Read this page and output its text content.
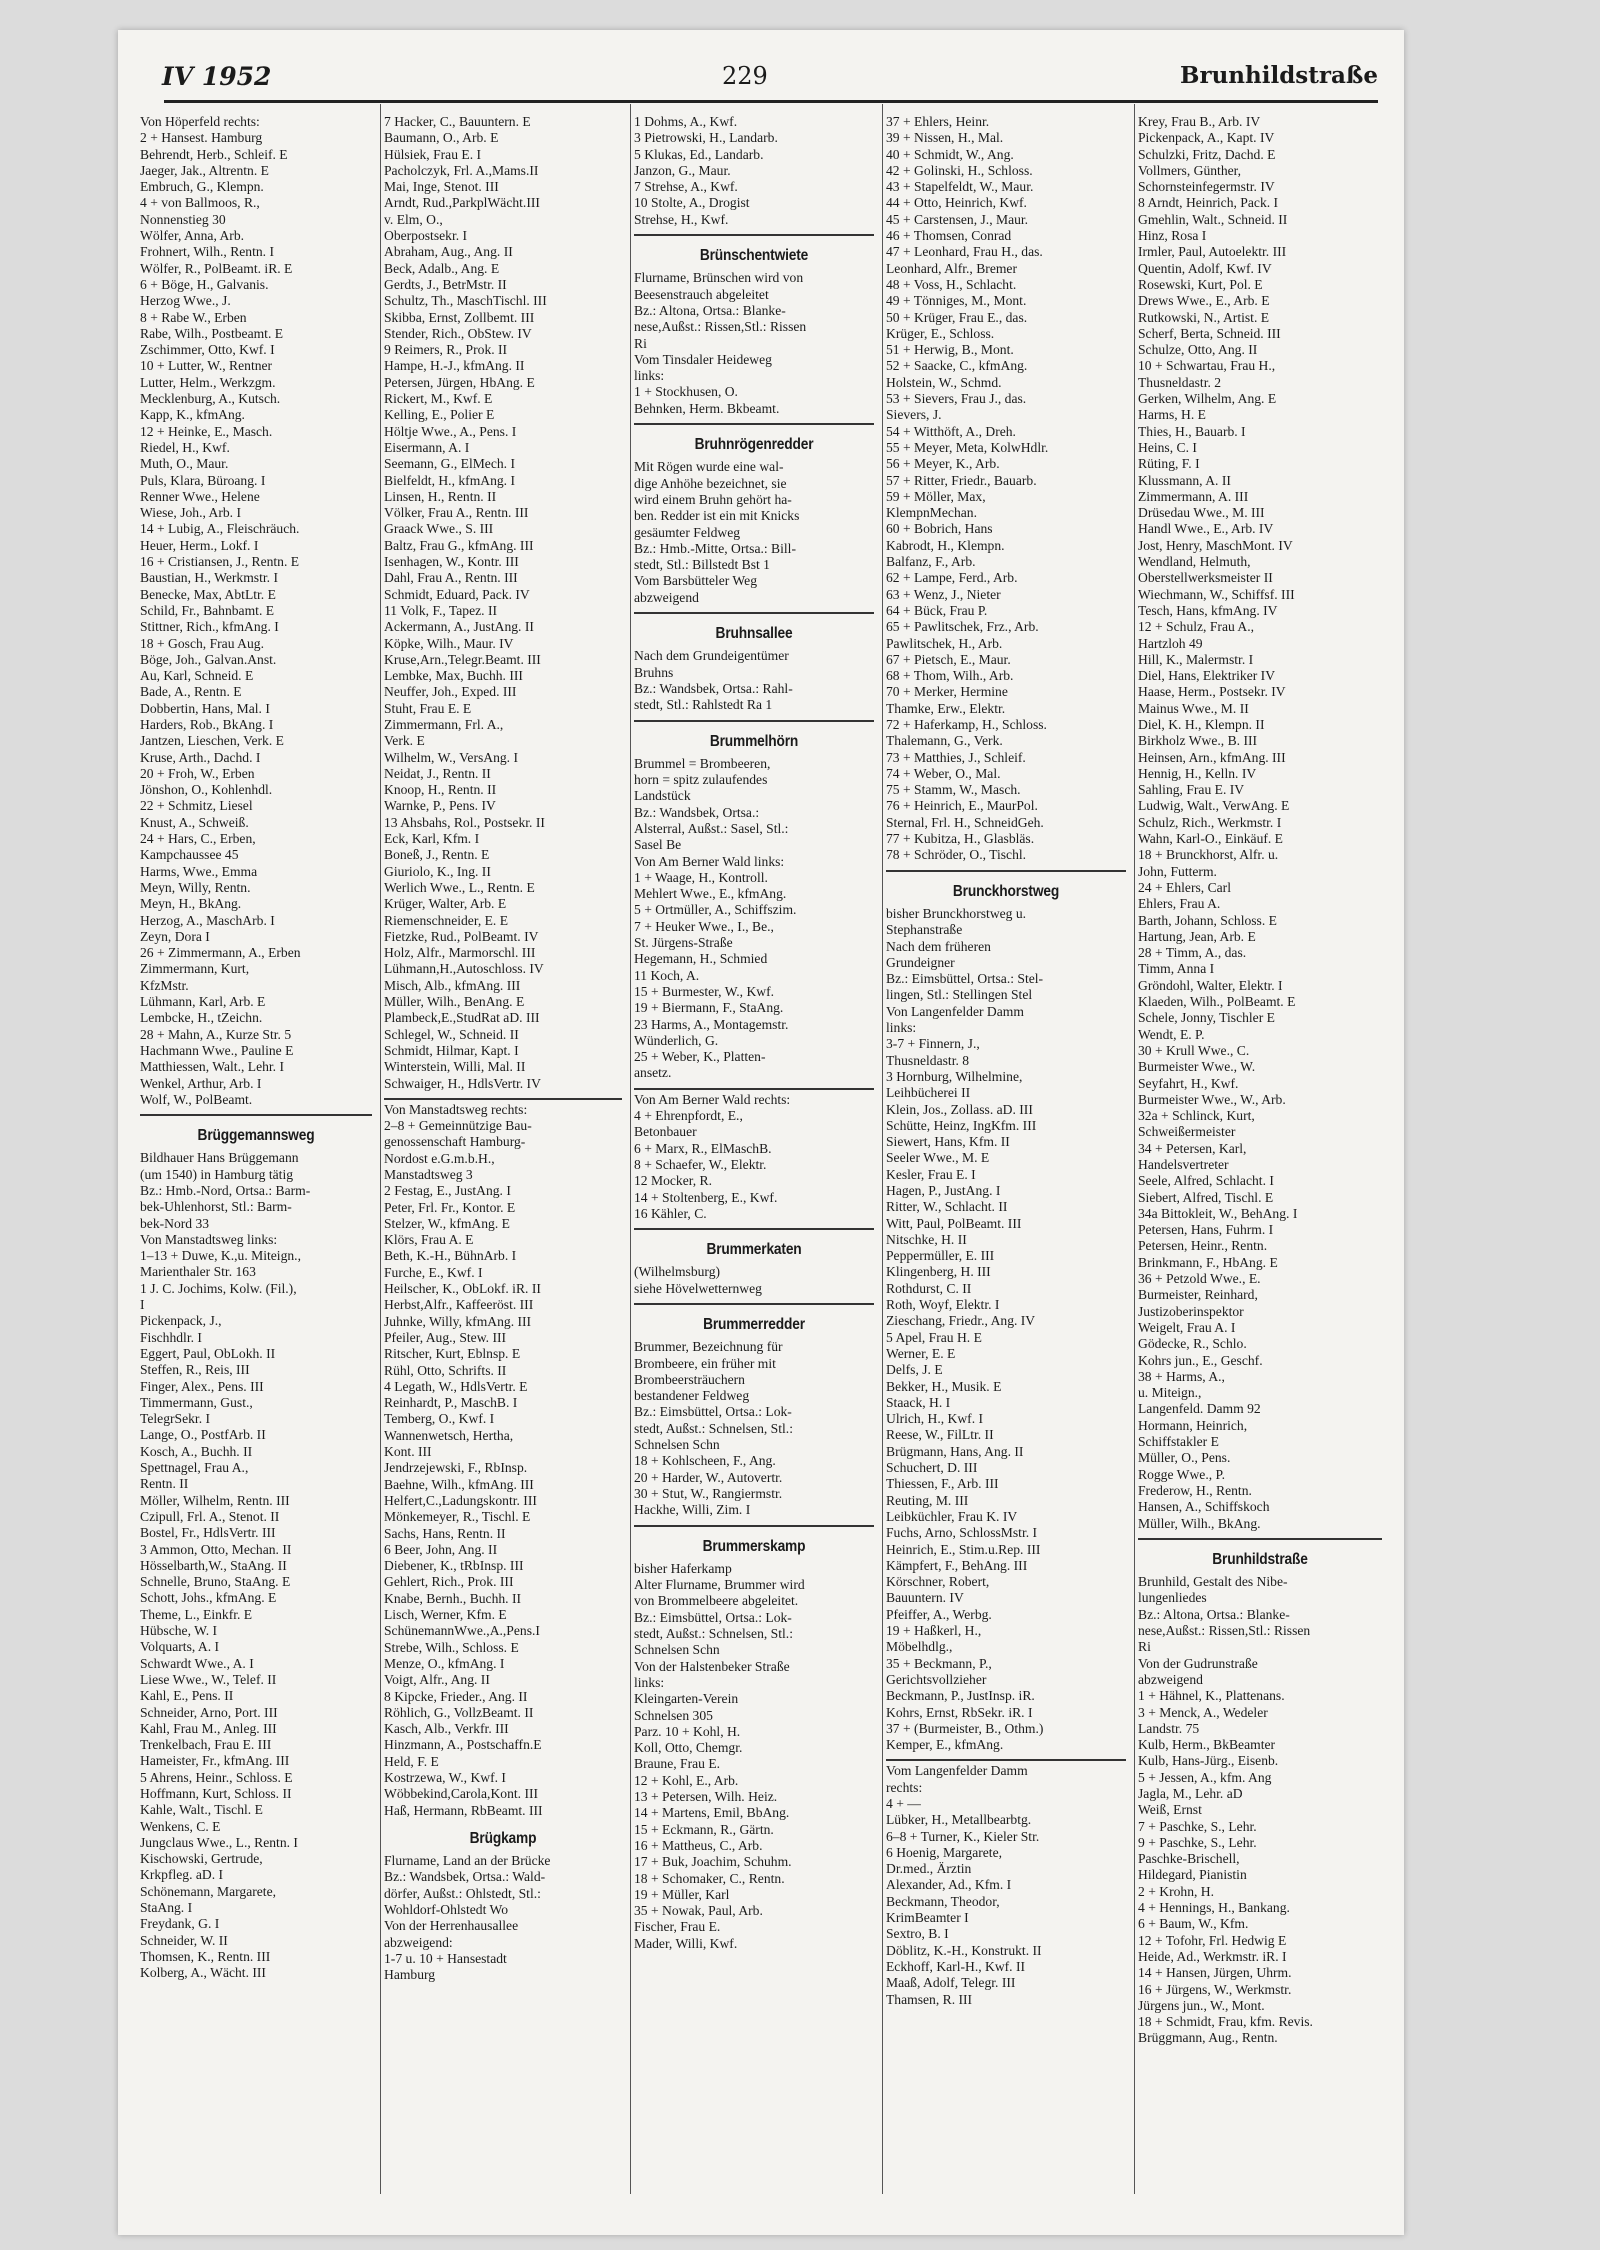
IV 1952	229	Brunhildstraße
Von Höperfeld rechts:
2 + Hansest. Hamburg
Behrendt, Herb., Schleif. E
Jaeger, Jak., Altrentn. E
Embruch, G., Klempn.
4 + von Ballmoos, R.,
Nonnenstieg 30
Wölfer, Anna, Arb.
Frohnert, Wilh., Rentn. I
Wölfer, R., PolBeamt. iR. E
6 + Böge, H., Galvanis.
Herzog Wwe., J.
8 + Rabe W., Erben
Rabe, Wilh., Postbeamt. E
Zschimmer, Otto, Kwf. I
10 + Lutter, W., Rentner
Lutter, Helm., Werkzgm.
Mecklenburg, A., Kutsch.
Kapp, K., kfmAng.
12 + Heinke, E., Masch.
Riedel, H., Kwf.
Muth, O., Maur.
Puls, Klara, Büroang. I
Renner Wwe., Helene
Wiese, Joh., Arb. I
14 + Lubig, A., Fleischräuch.
Heuer, Herm., Lokf. I
16 + Cristiansen, J., Rentn. E
Baustian, H., Werkmstr. I
Benecke, Max, AbtLtr. E
Schild, Fr., Bahnbamt. E
Stittner, Rich., kfmAng. I
18 + Gosch, Frau Aug.
Böge, Joh., Galvan.Anst.
Au, Karl, Schneid. E
Bade, A., Rentn. E
Dobbertin, Hans, Mal. I
Harders, Rob., BkAng. I
Jantzen, Lieschen, Verk. E
Kruse, Arth., Dachd. I
20 + Froh, W., Erben
Jönshon, O., Kohlenhdl.
22 + Schmitz, Liesel
Knust, A., Schweiß.
24 + Hars, C., Erben,
Kampchaussee 45
Harms, Wwe., Emma
Meyn, Willy, Rentn.
Meyn, H., BkAng.
Herzog, A., MaschArb. I
Zeyn, Dora I
26 + Zimmermann, A., Erben
Zimmermann, Kurt,
KfzMstr.
Lühmann, Karl, Arb. E
Lembcke, H., tZeichn.
28 + Mahn, A., Kurze Str. 5
Hachmann Wwe., Pauline E
Matthiessen, Walt., Lehr. I
Wenkel, Arthur, Arb. I
Wolf, W., PolBeamt.
Brüggemannsweg
Bildhauer Hans Brüggemann
(um 1540) in Hamburg tätig
Bz.: Hmb.-Nord, Ortsa.: Barm-
bek-Uhlenhorst, Stl.: Barm-
bek-Nord 33
Von Manstadtsweg links:
1–13 + Duwe, K.,u. Miteign.,
Marienthaler Str. 163
1 J. C. Jochims, Kolw. (Fil.),
I
Pickenpack, J.,
Fischhdlr. I
Eggert, Paul, ObLokh. II
Steffen, R., Reis, III
Finger, Alex., Pens. III
Timmermann, Gust.,
TelegrSekr. I
Lange, O., PostfArb. II
Kosch, A., Buchh. II
Spettnagel, Frau A.,
Rentn. II
Möller, Wilhelm, Rentn. III
Czipull, Frl. A., Stenot. II
Bostel, Fr., HdlsVertr. III
3 Ammon, Otto, Mechan. II
Hösselbarth,W., StaAng. II
Schnelle, Bruno, StaAng. E
Schott, Johs., kfmAng. E
Theme, L., Einkfr. E
Hübsche, W. I
Volquarts, A. I
Schwardt Wwe., A. I
Liese Wwe., W., Telef. II
Kahl, E., Pens. II
Schneider, Arno, Port. III
Kahl, Frau M., Anleg. III
Trenkelbach, Frau E. III
Hameister, Fr., kfmAng. III
5 Ahrens, Heinr., Schloss. E
Hoffmann, Kurt, Schloss. II
Kahle, Walt., Tischl. E
Wenkens, C. E
Jungclaus Wwe., L., Rentn. I
Kischowski, Gertrude,
Krkpfleg. aD. I
Schönemann, Margarete,
StaAng. I
Freydank, G. I
Schneider, W. II
Thomsen, K., Rentn. III
Kolberg, A., Wächt. III
7 Hacker, C., Bauuntern. E
Baumann, O., Arb. E
Hülsiek, Frau E. I
Pacholczyk, Frl. A.,Mams.II
Mai, Inge, Stenot. III
Arndt, Rud.,ParkplWächt.III
v. Elm, O.,
Oberpostsekr. I
Abraham, Aug., Ang. II
Beck, Adalb., Ang. E
Gerdts, J., BetrMstr. II
Schultz, Th., MaschTischl. III
Skibba, Ernst, Zollbemt. III
Stender, Rich., ObStew. IV
9 Reimers, R., Prok. II
Hampe, H.-J., kfmAng. II
Petersen, Jürgen, HbAng. E
Rickert, M., Kwf. E
Kelling, E., Polier E
Höltje Wwe., A., Pens. I
Eisermann, A. I
Seemann, G., ElMech. I
Bielfeldt, H., kfmAng. I
Linsen, H., Rentn. II
Völker, Frau A., Rentn. III
Graack Wwe., S. III
Baltz, Frau G., kfmAng. III
Isenhagen, W., Kontr. III
Dahl, Frau A., Rentn. III
Schmidt, Eduard, Pack. IV
11 Volk, F., Tapez. II
Ackermann, A., JustAng. II
Köpke, Wilh., Maur. IV
Kruse,Arn.,Telegr.Beamt. III
Lembke, Max, Buchh. III
Neuffer, Joh., Exped. III
Stuht, Frau E. E
Zimmermann, Frl. A.,
Verk. E
Wilhelm, W., VersAng. I
Neidat, J., Rentn. II
Knoop, H., Rentn. II
Warnke, P., Pens. IV
13 Ahsbahs, Rol., Postsekr. II
Eck, Karl, Kfm. I
Boneß, J., Rentn. E
Giuriolo, K., Ing. II
Werlich Wwe., L., Rentn. E
Krüger, Walter, Arb. E
Riemenschneider, E. E
Fietzke, Rud., PolBeamt. IV
Holz, Alfr., Marmorschl. III
Lühmann,H.,Autoschloss. IV
Misch, Alb., kfmAng. III
Müller, Wilh., BenAng. E
Plambeck,E.,StudRat aD. III
Schlegel, W., Schneid. II
Schmidt, Hilmar, Kapt. I
Winterstein, Willi, Mal. II
Schwaiger, H., HdlsVertr. IV
Von Manstadtsweg rechts:
2–8 + Gemeinnützige Bau-
genossenschaft Hamburg-
Nordost e.G.m.b.H.,
Manstadtsweg 3
2 Festag, E., JustAng. I
Peter, Frl. Fr., Kontor. E
Stelzer, W., kfmAng. E
Klörs, Frau A. E
Beth, K.-H., BühnArb. I
Furche, E., Kwf. I
Heilscher, K., ObLokf. iR. II
Herbst,Alfr., Kaffeeröst. III
Juhnke, Willy, kfmAng. III
Pfeiler, Aug., Stew. III
Ritscher, Kurt, Eblnsp. E
Rühl, Otto, Schrifts. II
4 Legath, W., HdlsVertr. E
Reinhardt, P., MaschB. I
Temberg, O., Kwf. I
Wannenwetsch, Hertha,
Kont. III
Jendrzejewski, F., RbInsp.
Baehne, Wilh., kfmAng. III
Helfert,C.,Ladungskontr. III
Mönkemeyer, R., Tischl. E
Sachs, Hans, Rentn. II
6 Beer, John, Ang. II
Diebener, K., tRbInsp. III
Gehlert, Rich., Prok. III
Knabe, Bernh., Buchh. II
Lisch, Werner, Kfm. E
SchünemannWwe.,A.,Pens.I
Strebe, Wilh., Schloss. E
Menze, O., kfmAng. I
Voigt, Alfr., Ang. II
8 Kipcke, Frieder., Ang. II
Röhlich, G., VollzBeamt. II
Kasch, Alb., Verkfr. III
Hinzmann, A., Postschaffn.E
Held, F. E
Kostrzewa, W., Kwf. I
Wöbbekind,Carola,Kont. III
Haß, Hermann, RbBeamt. III
Brügkamp
Flurname, Land an der Brücke
Bz.: Wandsbek, Ortsa.: Wald-
dörfer, Außst.: Ohlstedt, Stl.:
Wohldorf-Ohlstedt Wo
Von der Herrenhausallee
abzweigend:
1-7 u. 10 + Hansestadt
Hamburg
1 Dohms, A., Kwf.
3 Pietrowski, H., Landarb.
5 Klukas, Ed., Landarb.
Janzon, G., Maur.
7 Strehse, A., Kwf.
10 Stolte, A., Drogist
Strehse, H., Kwf.
Brünschentwiete
Flurname, Brünschen wird von
Beesenstrauch abgeleitet
Bz.: Altona, Ortsa.: Blanke-
nese,Außst.: Rissen,Stl.: Rissen
Ri
Vom Tinsdaler Heideweg
links:
1 + Stockhusen, O.
Behnken, Herm. Bkbeamt.
Bruhnrögenredder
Mit Rögen wurde eine wal-
dige Anhöhe bezeichnet, sie
wird einem Bruhn gehört ha-
ben. Redder ist ein mit Knicks
gesäumter Feldweg
Bz.: Hmb.-Mitte, Ortsa.: Bill-
stedt, Stl.: Billstedt Bst 1
Vom Barsbütteler Weg
abzweigend
Bruhnsallee
Nach dem Grundeigentümer
Bruhns
Bz.: Wandsbek, Ortsa.: Rahl-
stedt, Stl.: Rahlstedt Ra 1
Brummelhörn
Brummel = Brombeeren,
horn = spitz zulaufendes
Landstück
Bz.: Wandsbek, Ortsa.:
Alsterral, Außst.: Sasel, Stl.:
Sasel Be
Von Am Berner Wald links:
1 + Waage, H., Kontroll.
Mehlert Wwe., E., kfmAng.
5 + Ortmüller, A., Schiffszim.
7 + Heuker Wwe., I., Be.,
St. Jürgens-Straße
Hegemann, H., Schmied
11 Koch, A.
15 + Burmester, W., Kwf.
19 + Biermann, F., StaAng.
23 Harms, A., Montagemstr.
Wünderlich, G.
25 + Weber, K., Platten-
ansetz.
Von Am Berner Wald rechts:
4 + Ehrenpfordt, E.,
Betonbauer
6 + Marx, R., ElMaschB.
8 + Schaefer, W., Elektr.
12 Mocker, R.
14 + Stoltenberg, E., Kwf.
16 Kähler, C.
Brummerkaten
(Wilhelmsburg)
siehe Hövelwetternweg
Brummerredder
Brummer, Bezeichnung für
Brombeere, ein früher mit
Brombeersträuchern
bestandener Feldweg
Bz.: Eimsbüttel, Ortsa.: Lok-
stedt, Außst.: Schnelsen, Stl.:
Schnelsen Schn
18 + Kohlscheen, F., Ang.
20 + Harder, W., Autovertr.
30 + Stut, W., Rangiermstr.
Hackhe, Willi, Zim. I
Brummerskamp
bisher Haferkamp
Alter Flurname, Brummer wird
von Brommelbeere abgeleitet.
Bz.: Eimsbüttel, Ortsa.: Lok-
stedt, Außst.: Schnelsen, Stl.:
Schnelsen Schn
Von der Halstenbeker Straße
links:
Kleingarten-Verein
Schnelsen 305
Parz. 10 + Kohl, H.
Koll, Otto, Chemgr.
Braune, Frau E.
12 + Kohl, E., Arb.
13 + Petersen, Wilh. Heiz.
14 + Martens, Emil, BbAng.
15 + Eckmann, R., Gärtn.
16 + Mattheus, C., Arb.
17 + Buk, Joachim, Schuhm.
18 + Schomaker, C., Rentn.
19 + Müller, Karl
35 + Nowak, Paul, Arb.
Fischer, Frau E.
Mader, Willi, Kwf.
37 + Ehlers, Heinr.
39 + Nissen, H., Mal.
40 + Schmidt, W., Ang.
42 + Golinski, H., Schloss.
43 + Stapelfeldt, W., Maur.
44 + Otto, Heinrich, Kwf.
45 + Carstensen, J., Maur.
46 + Thomsen, Conrad
47 + Leonhard, Frau H., das.
Leonhard, Alfr., Bremer
48 + Voss, H., Schlacht.
49 + Tönniges, M., Mont.
50 + Krüger, Frau E., das.
Krüger, E., Schloss.
51 + Herwig, B., Mont.
52 + Saacke, C., kfmAng.
Holstein, W., Schmd.
53 + Sievers, Frau J., das.
Sievers, J.
54 + Witthöft, A., Dreh.
55 + Meyer, Meta, KolwHdlr.
56 + Meyer, K., Arb.
57 + Ritter, Friedr., Bauarb.
59 + Möller, Max,
KlempnMechan.
60 + Bobrich, Hans
Kabrodt, H., Klempn.
Balfanz, F., Arb.
62 + Lampe, Ferd., Arb.
63 + Wenz, J., Nieter
64 + Bück, Frau P.
65 + Pawlitschek, Frz., Arb.
Pawlitschek, H., Arb.
67 + Pietsch, E., Maur.
68 + Thom, Wilh., Arb.
70 + Merker, Hermine
Thamke, Erw., Elektr.
72 + Haferkamp, H., Schloss.
Thalemann, G., Verk.
73 + Matthies, J., Schleif.
74 + Weber, O., Mal.
75 + Stamm, W., Masch.
76 + Heinrich, E., MaurPol.
Sternal, Frl. H., SchneidGeh.
77 + Kubitza, H., Glasbläs.
78 + Schröder, O., Tischl.
Brunckhorstweg
bisher Brunckhorstweg u.
Stephanstraße
Nach dem früheren
Grundeigner
Bz.: Eimsbüttel, Ortsa.: Stel-
lingen, Stl.: Stellingen Stel
Von Langenfelder Damm
links:
3-7 + Finnern, J.,
Thusneldastr. 8
3 Hornburg, Wilhelmine,
Leihbücherei II
Klein, Jos., Zollass. aD. III
Schütte, Heinz, IngKfm. III
Siewert, Hans, Kfm. II
Seeler Wwe., M. E
Kesler, Frau E. I
Hagen, P., JustAng. I
Ritter, W., Schlacht. II
Witt, Paul, PolBeamt. III
Nitschke, H. II
Peppermüller, E. III
Klingenberg, H. III
Rothdurst, C. II
Roth, Woyf, Elektr. I
Zieschang, Friedr., Ang. IV
5 Apel, Frau H. E
Werner, E. E
Delfs, J. E
Bekker, H., Musik. E
Staack, H. I
Ulrich, H., Kwf. I
Reese, W., FilLtr. II
Brügmann, Hans, Ang. II
Schuchert, D. III
Thiessen, F., Arb. III
Reuting, M. III
Leibküchler, Frau K. IV
Fuchs, Arno, SchlossMstr. I
Heinrich, E., Stim.u.Rep. III
Kämpfert, F., BehAng. III
Körschner, Robert,
Bauuntern. IV
Pfeiffer, A., Werbg.
19 + Haßkerl, H.,
Möbelhdlg.,
35 + Beckmann, P.,
Gerichtsvollzieher
Beckmann, P., JustInsp. iR.
Kohrs, Ernst, RbSekr. iR. I
37 + (Burmeister, B., Othm.)
Kemper, E., kfmAng.
Vom Langenfelder Damm
rechts:
4 + —
Lübker, H., Metallbearbtg.
6–8 + Turner, K., Kieler Str.
6 Hoenig, Margarete,
Dr.med., Ärztin
Alexander, Ad., Kfm. I
Beckmann, Theodor,
KrimBeamter I
Sextro, B. I
Döblitz, K.-H., Konstrukt. II
Eckhoff, Karl-H., Kwf. II
Maaß, Adolf, Telegr. III
Thamsen, R. III
Krey, Frau B., Arb. IV
Pickenpack, A., Kapt. IV
Schulzki, Fritz, Dachd. E
Vollmers, Günther,
Schornsteinfegermstr. IV
8 Arndt, Heinrich, Pack. I
Gmehlin, Walt., Schneid. II
Hinz, Rosa I
Irmler, Paul, Autoelektr. III
Quentin, Adolf, Kwf. IV
Rosewski, Kurt, Pol. E
Drews Wwe., E., Arb. E
Rutkowski, N., Artist. E
Scherf, Berta, Schneid. III
Schulze, Otto, Ang. II
10 + Schwartau, Frau H.,
Thusneldastr. 2
Gerken, Wilhelm, Ang. E
Harms, H. E
Thies, H., Bauarb. I
Heins, C. I
Rüting, F. I
Klussmann, A. II
Zimmermann, A. III
Drüsedau Wwe., M. III
Handl Wwe., E., Arb. IV
Jost, Henry, MaschMont. IV
Wendland, Helmuth,
Oberstellwerksmeister II
Wiechmann, W., Schiffsf. III
Tesch, Hans, kfmAng. IV
12 + Schulz, Frau A.,
Hartzloh 49
Hill, K., Malermstr. I
Diel, Hans, Elektriker IV
Haase, Herm., Postsekr. IV
Mainus Wwe., M. II
Diel, K. H., Klempn. II
Birkholz Wwe., B. III
Heinsen, Arn., kfmAng. III
Hennig, H., Kelln. IV
Sahling, Frau E. IV
Ludwig, Walt., VerwAng. E
Schulz, Rich., Werkmstr. I
Wahn, Karl-O., Einkäuf. E
18 + Brunckhorst, Alfr. u.
John, Futterm.
24 + Ehlers, Carl
Ehlers, Frau A.
Barth, Johann, Schloss. E
Hartung, Jean, Arb. E
28 + Timm, A., das.
Timm, Anna I
Gröndohl, Walter, Elektr. I
Klaeden, Wilh., PolBeamt. E
Schele, Jonny, Tischler E
Wendt, E. P.
30 + Krull Wwe., C.
Burmeister Wwe., W.
Seyfahrt, H., Kwf.
Burmeister Wwe., W., Arb.
32a + Schlinck, Kurt,
Schweißermeister
34 + Petersen, Karl,
Handelsvertreter
Seele, Alfred, Schlacht. I
Siebert, Alfred, Tischl. E
34a Bittokleit, W., BehAng. I
Petersen, Hans, Fuhrm. I
Petersen, Heinr., Rentn.
Brinkmann, F., HbAng. E
36 + Petzold Wwe., E.
Burmeister, Reinhard,
Justizoberinspektor
Weigelt, Frau A. I
Gödecke, R., Schlo.
Kohrs jun., E., Geschf.
38 + Harms, A.,
u. Miteign.,
Langenfeld. Damm 92
Hormann, Heinrich,
Schiffstakler E
Müller, O., Pens.
Rogge Wwe., P.
Frederow, H., Rentn.
Hansen, A., Schiffskoch
Müller, Wilh., BkAng.
Brunhildstraße
Brunhild, Gestalt des Nibe-
lungenliedes
Bz.: Altona, Ortsa.: Blanke-
nese,Außst.: Rissen,Stl.: Rissen
Ri
Von der Gudrunstraße
abzweigend
1 + Hähnel, K., Plattenans.
3 + Menck, A., Wedeler
Landstr. 75
Kulb, Herm., BkBeamter
Kulb, Hans-Jürg., Eisenb.
5 + Jessen, A., kfm. Ang
Jagla, M., Lehr. aD
Weiß, Ernst
7 + Paschke, S., Lehr.
9 + Paschke, S., Lehr.
Paschke-Brischell,
Hildegard, Pianistin
2 + Krohn, H.
4 + Hennings, H., Bankang.
6 + Baum, W., Kfm.
12 + Tofohr, Frl. Hedwig E
Heide, Ad., Werkmstr. iR. I
14 + Hansen, Jürgen, Uhrm.
16 + Jürgens, W., Werkmstr.
Jürgens jun., W., Mont.
18 + Schmidt, Frau, kfm. Revis.
Brüggmann, Aug., Rentn.
